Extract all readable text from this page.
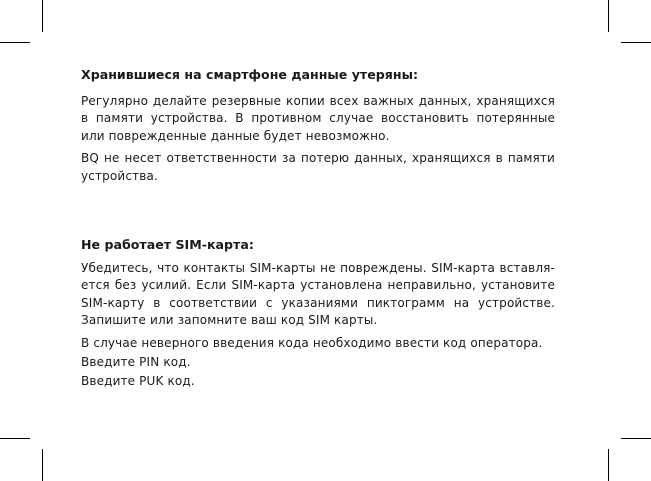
Хранившиеся на смартфоне данные утеряны:

Регулярно делайте резервные копии всех важных данных, хранящихся в памяти устройства. В противном случае восстановить потерянные или поврежденные данные будет невозможно.

BQ не несет ответственности за потерю данных, хранящихся в памяти устройства.

Не работает SIM-карта:

Убедитесь, что контакты SIM-карты не повреждены. SIM-карта вставля-ется без усилий. Если SIM-карта установлена неправильно, установите SIM-карту в соответствии с указаниями пиктограмм на устройстве. Запишите или запомните ваш код SIM карты.

В случае неверного введения кода необходимо ввести код оператора.

Введите PIN код.

Введите PUK код.
